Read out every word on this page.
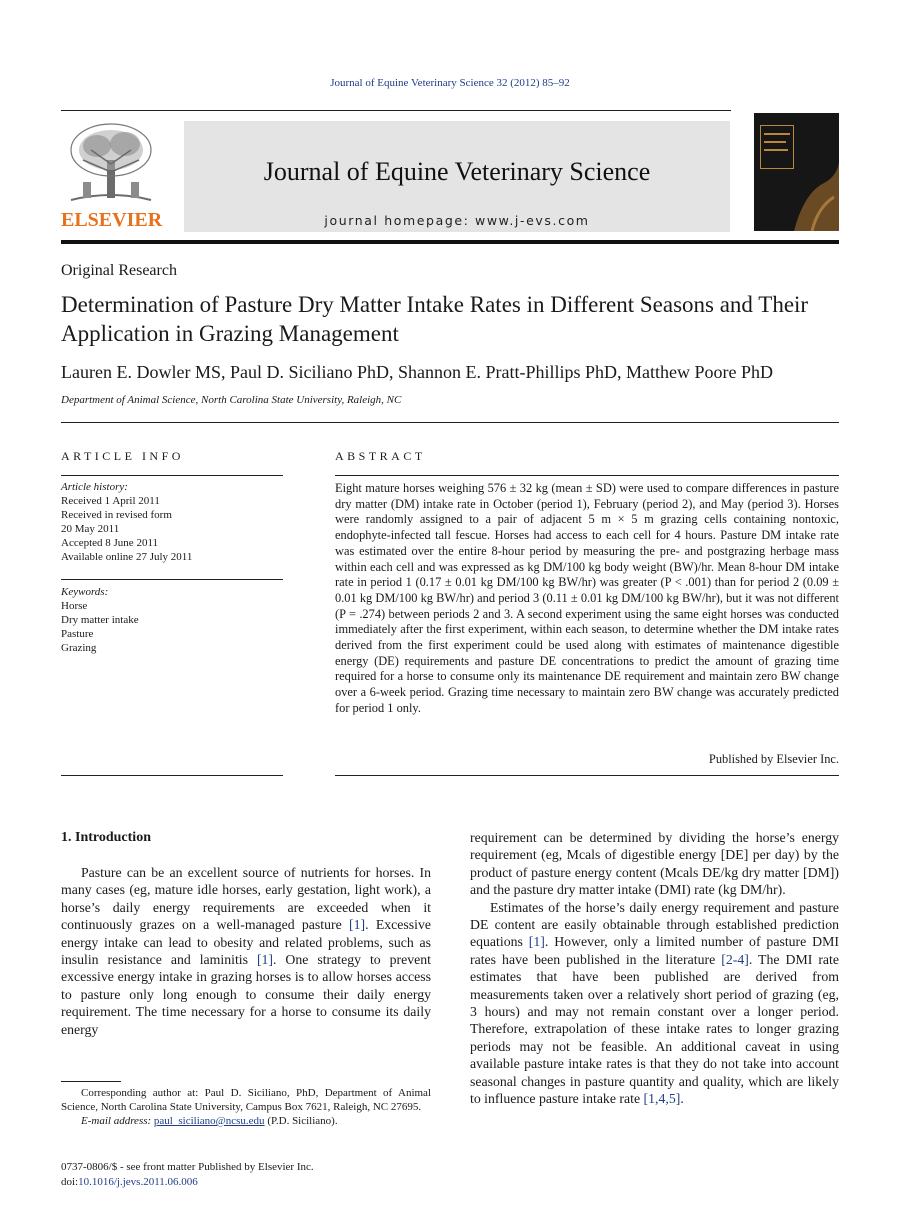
Journal of Equine Veterinary Science 32 (2012) 85–92
ELSEVIER
Journal of Equine Veterinary Science
journal homepage: www.j-evs.com
Original Research
Determination of Pasture Dry Matter Intake Rates in Different Seasons and Their Application in Grazing Management
Lauren E. Dowler MS, Paul D. Siciliano PhD, Shannon E. Pratt-Phillips PhD, Matthew Poore PhD
Department of Animal Science, North Carolina State University, Raleigh, NC
ARTICLE INFO
Article history:
Received 1 April 2011
Received in revised form
20 May 2011
Accepted 8 June 2011
Available online 27 July 2011
Keywords:
Horse
Dry matter intake
Pasture
Grazing
ABSTRACT
Eight mature horses weighing 576 ± 32 kg (mean ± SD) were used to compare differences in pasture dry matter (DM) intake rate in October (period 1), February (period 2), and May (period 3). Horses were randomly assigned to a pair of adjacent 5 m × 5 m grazing cells containing nontoxic, endophyte-infected tall fescue. Horses had access to each cell for 4 hours. Pasture DM intake rate was estimated over the entire 8-hour period by measuring the pre- and postgrazing herbage mass within each cell and was expressed as kg DM/100 kg body weight (BW)/hr. Mean 8-hour DM intake rate in period 1 (0.17 ± 0.01 kg DM/100 kg BW/hr) was greater (P < .001) than for period 2 (0.09 ± 0.01 kg DM/100 kg BW/hr) and period 3 (0.11 ± 0.01 kg DM/100 kg BW/hr), but it was not different (P = .274) between periods 2 and 3. A second experiment using the same eight horses was conducted immediately after the first experiment, within each season, to determine whether the DM intake rates derived from the first experiment could be used along with estimates of maintenance digestible energy (DE) requirements and pasture DE concentrations to predict the amount of grazing time required for a horse to consume only its maintenance DE requirement and maintain zero BW change over a 6-week period. Grazing time necessary to maintain zero BW change was accurately predicted for period 1 only.
Published by Elsevier Inc.
1. Introduction

Pasture can be an excellent source of nutrients for horses. In many cases (eg, mature idle horses, early gestation, light work), a horse’s daily energy requirements are exceeded when it continuously grazes on a well-managed pasture [1]. Excessive energy intake can lead to obesity and related problems, such as insulin resistance and laminitis [1]. One strategy to prevent excessive energy intake in grazing horses is to allow horses access to pasture only long enough to consume their daily energy requirement. The time necessary for a horse to consume its daily energy

requirement can be determined by dividing the horse’s energy requirement (eg, Mcals of digestible energy [DE] per day) by the product of pasture energy content (Mcals DE/kg dry matter [DM]) and the pasture dry matter intake (DMI) rate (kg DM/hr).

Estimates of the horse’s daily energy requirement and pasture DE content are easily obtainable through established prediction equations [1]. However, only a limited number of pasture DMI rates have been published in the literature [2-4]. The DMI rate estimates that have been published are derived from measurements taken over a relatively short period of grazing (eg, 3 hours) and may not remain constant over a longer period. Therefore, extrapolation of these intake rates to longer grazing periods may not be feasible. An additional caveat in using available pasture intake rates is that they do not take into account seasonal changes in pasture quantity and quality, which are likely to influence pasture intake rate [1,4,5].

Corresponding author at: Paul D. Siciliano, PhD, Department of Animal Science, North Carolina State University, Campus Box 7621, Raleigh, NC 27695.
E-mail address: paul_siciliano@ncsu.edu (P.D. Siciliano).
0737-0806/$ - see front matter Published by Elsevier Inc.
doi:10.1016/j.jevs.2011.06.006
